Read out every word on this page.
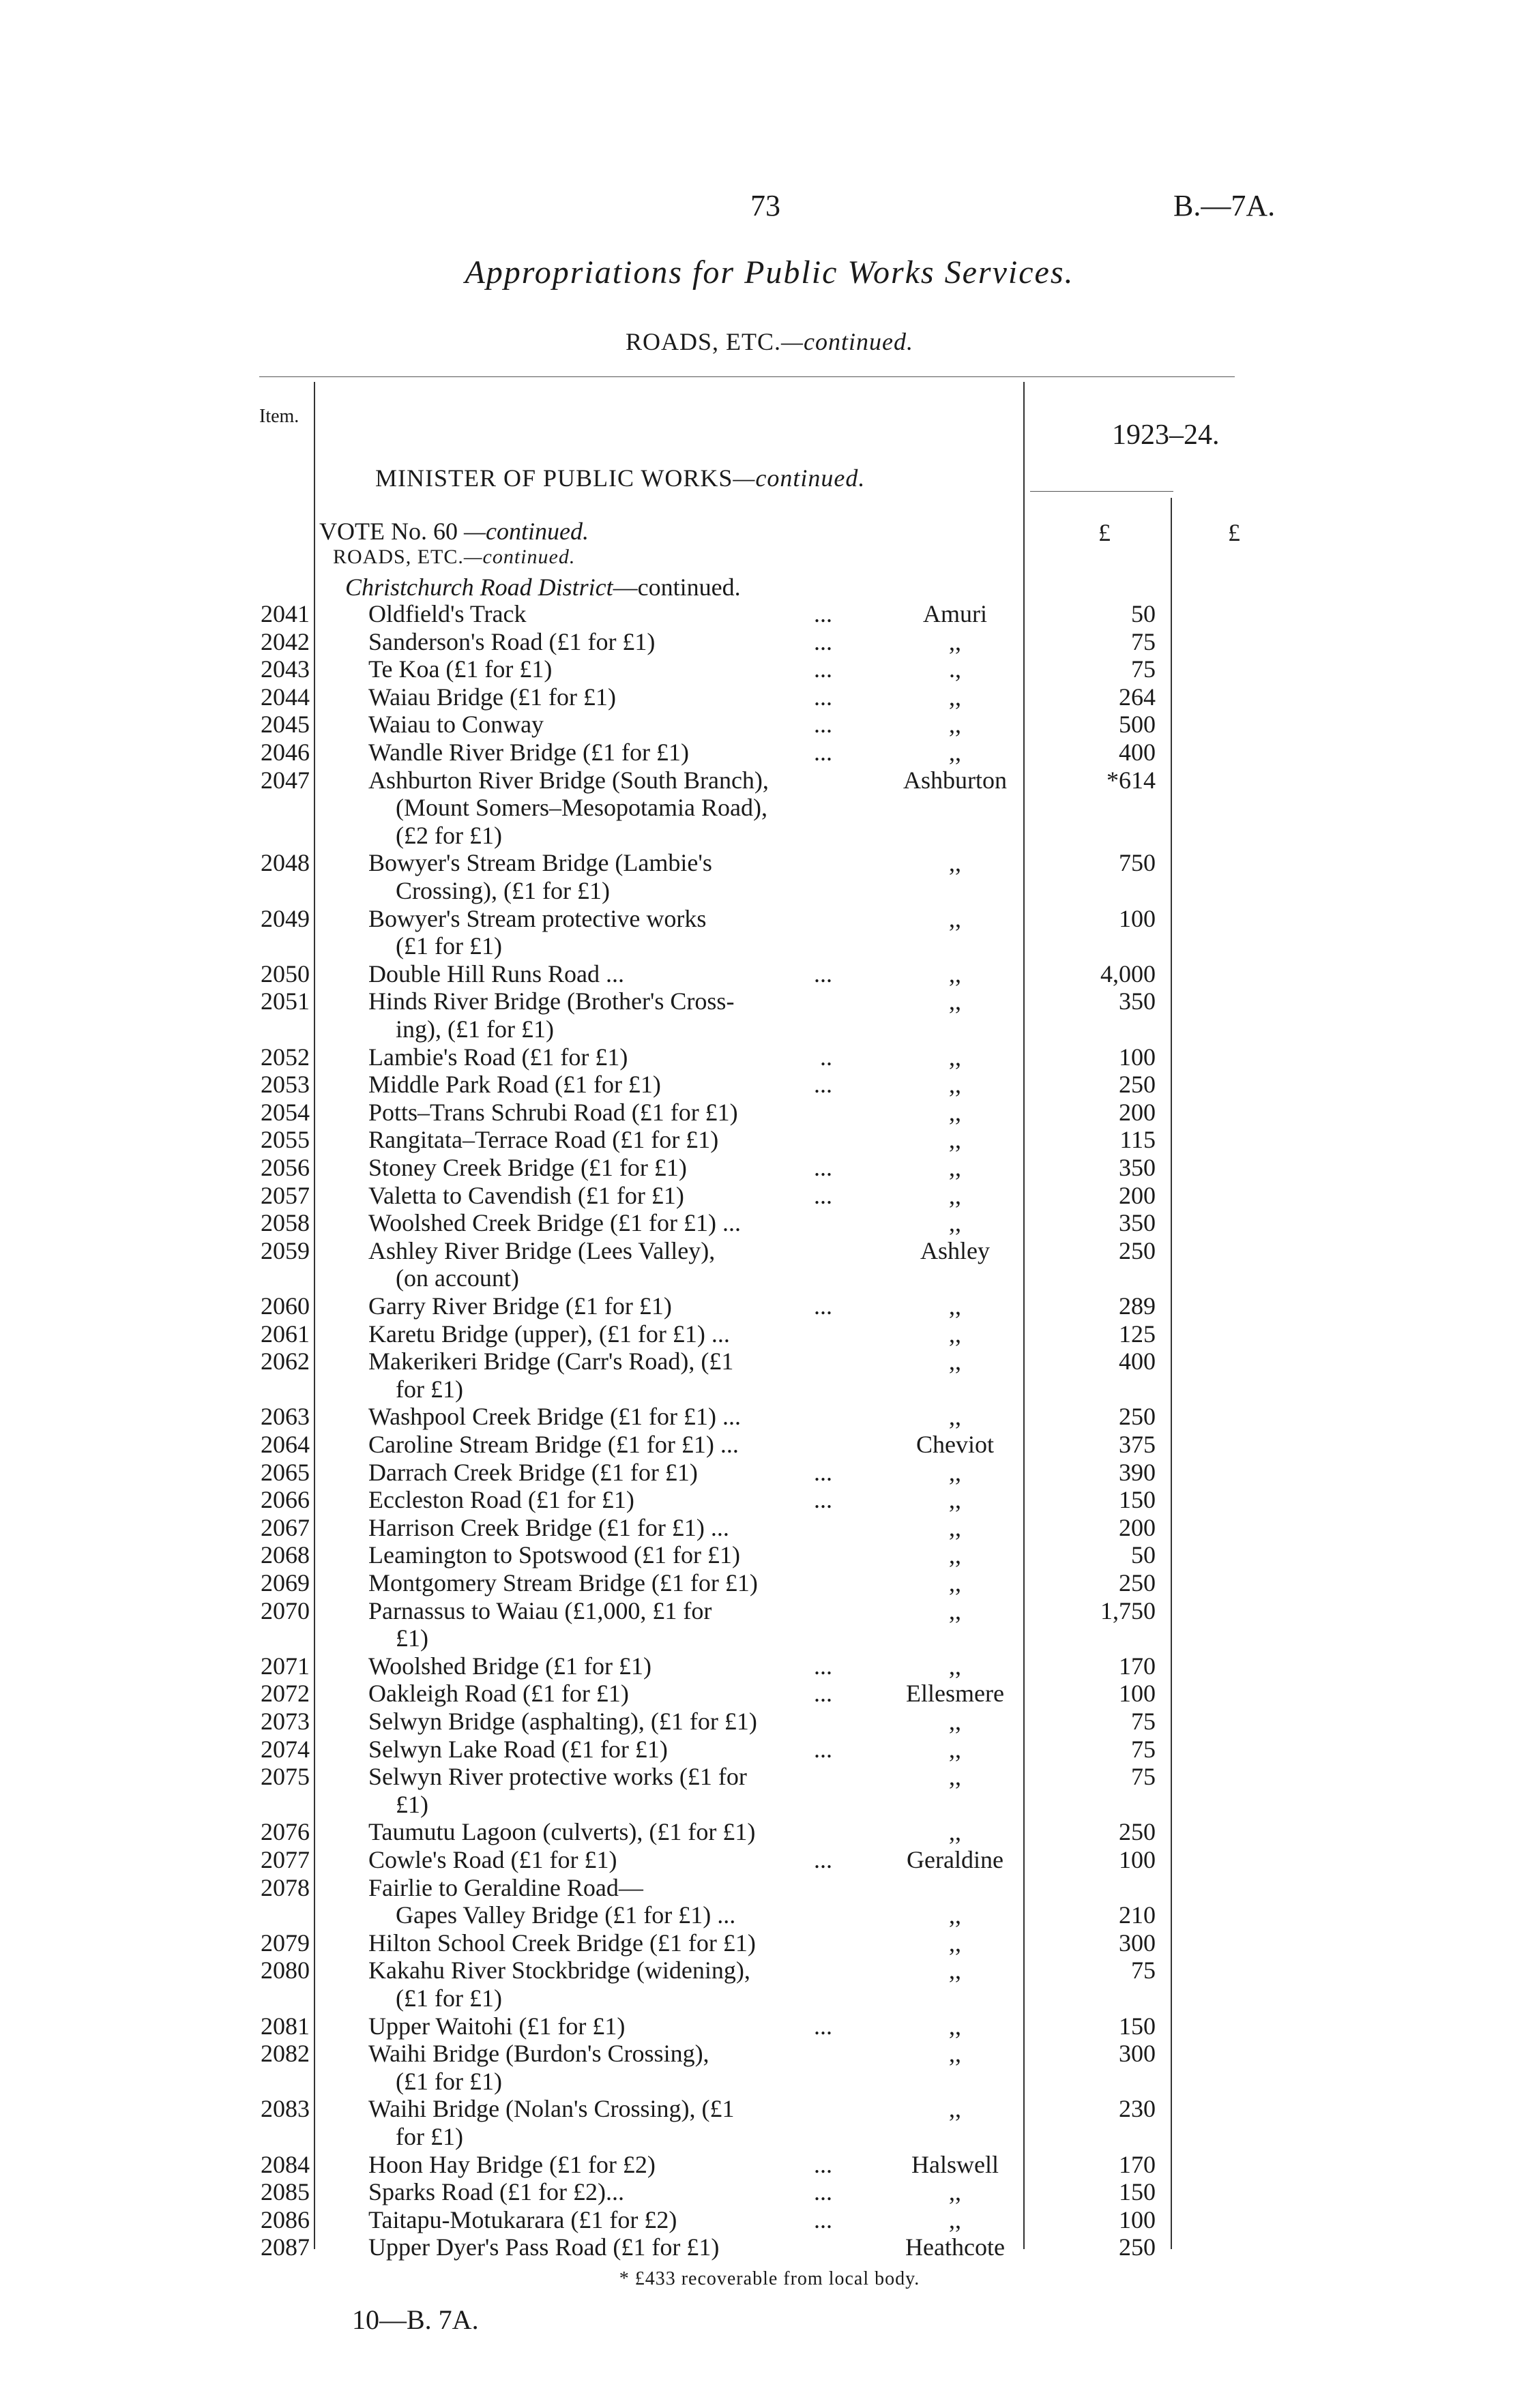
73	B.—7A.
Appropriations for Public Works Services.
ROADS, ETC.—continued.
Item.
1923–24.
MINISTER OF PUBLIC WORKS—continued.
VOTE No. 60 —continued.
ROADS, ETC.—continued.
Christchurch Road District—continued.
£	£
2041 Oldfield's Track	...	Amuri	50
2042 Sanderson's Road (£1 for £1)	...	,,	75
2043 Te Koa (£1 for £1)	...	.,	75
2044 Waiau Bridge (£1 for £1)	...	,,	264
2045 Waiau to Conway	...	,,	500
2046 Wandle River Bridge (£1 for £1)	...	,,	400
2047 Ashburton River Bridge (South Branch),	Ashburton	*614
(Mount Somers–Mesopotamia Road),
(£2 for £1)
2048 Bowyer's Stream Bridge (Lambie's	,,	750
Crossing), (£1 for £1)
2049 Bowyer's Stream protective works	,,	100
(£1 for £1)
2050 Double Hill Runs Road ...	...	,,	4,000
2051 Hinds River Bridge (Brother's Cross-	,,	350
ing), (£1 for £1)
2052 Lambie's Road (£1 for £1)	..	,,	100
2053 Middle Park Road (£1 for £1)	...	,,	250
2054 Potts–Trans Schrubi Road (£1 for £1)	,,	200
2055 Rangitata–Terrace Road (£1 for £1)	,,	115
2056 Stoney Creek Bridge (£1 for £1)	...	,,	350
2057 Valetta to Cavendish (£1 for £1)	...	,,	200
2058 Woolshed Creek Bridge (£1 for £1) ...	,,	350
2059 Ashley River Bridge (Lees Valley),	Ashley	250
(on account)
2060 Garry River Bridge (£1 for £1)	...	,,	289
2061 Karetu Bridge (upper), (£1 for £1) ...	,,	125
2062 Makerikeri Bridge (Carr's Road), (£1	,,	400
for £1)
2063 Washpool Creek Bridge (£1 for £1) ...	,,	250
2064 Caroline Stream Bridge (£1 for £1) ...	Cheviot	375
2065 Darrach Creek Bridge (£1 for £1)	...	,,	390
2066 Eccleston Road (£1 for £1)	...	,,	150
2067 Harrison Creek Bridge (£1 for £1) ...	,,	200
2068 Leamington to Spotswood (£1 for £1)	,,	50
2069 Montgomery Stream Bridge (£1 for £1)	,,	250
2070 Parnassus to Waiau (£1,000, £1 for	,,	1,750
£1)
2071 Woolshed Bridge (£1 for £1)	...	,,	170
2072 Oakleigh Road (£1 for £1)	...	Ellesmere	100
2073 Selwyn Bridge (asphalting), (£1 for £1)	,,	75
2074 Selwyn Lake Road (£1 for £1)	...	,,	75
2075 Selwyn River protective works (£1 for	,,	75
£1)
2076 Taumutu Lagoon (culverts), (£1 for £1)	,,	250
2077 Cowle's Road (£1 for £1)	...	Geraldine	100
2078 Fairlie to Geraldine Road—
Gapes Valley Bridge (£1 for £1) ...	,,	210
2079 Hilton School Creek Bridge (£1 for £1)	,,	300
2080 Kakahu River Stockbridge (widening),	,,	75
(£1 for £1)
2081 Upper Waitohi (£1 for £1)	...	,,	150
2082 Waihi Bridge (Burdon's Crossing),	,,	300
(£1 for £1)
2083 Waihi Bridge (Nolan's Crossing), (£1	,,	230
for £1)
2084 Hoon Hay Bridge (£1 for £2)	...	Halswell	170
2085 Sparks Road (£1 for £2)...	...	,,	150
2086 Taitapu-Motukarara (£1 for £2)	...	,,	100
2087 Upper Dyer's Pass Road (£1 for £1)	Heathcote	250
* £433 recoverable from local body.
10—B. 7A.
